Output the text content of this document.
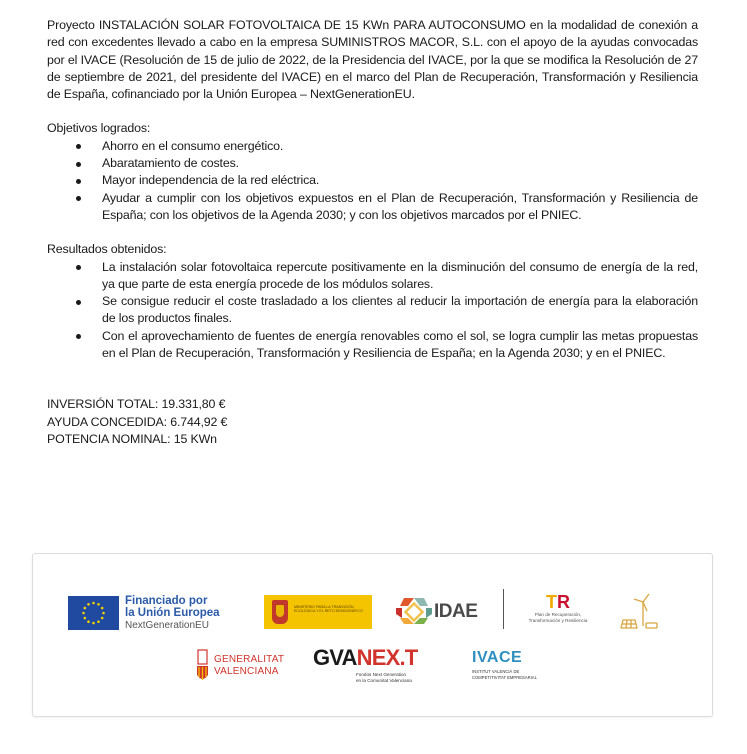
Proyecto INSTALACIÓN SOLAR FOTOVOLTAICA DE 15 KWn PARA AUTOCONSUMO en la modalidad de conexión a red con excedentes llevado a cabo en la empresa SUMINISTROS MACOR, S.L. con el apoyo de la ayudas convocadas por el IVACE (Resolución de 15 de julio de 2022, de la Presidencia del IVACE, por la que se modifica la Resolución de 27 de septiembre de 2021, del presidente del IVACE) en el marco del Plan de Recuperación, Transformación y Resiliencia de España, cofinanciado por la Unión Europea – NextGenerationEU.

Objetivos logrados:

Ahorro en el consumo energético.
Abaratamiento de costes.
Mayor independencia de la red eléctrica.
Ayudar a cumplir con los objetivos expuestos en el Plan de Recuperación, Transformación y Resiliencia de España; con los objetivos de la Agenda 2030; y con los objetivos marcados por el PNIEC.

Resultados obtenidos:

La instalación solar fotovoltaica repercute positivamente en la disminución del consumo de energía de la red, ya que parte de esta energía procede de los módulos solares.
Se consigue reducir el coste trasladado a los clientes al reducir la importación de energía para la elaboración de los productos finales.
Con el aprovechamiento de fuentes de energía renovables como el sol, se logra cumplir las metas propuestas en el Plan de Recuperación, Transformación y Resiliencia de España; en la Agenda 2030; y en el PNIEC.
INVERSIÓN TOTAL: 19.331,80 €
AYUDA CONCEDIDA: 6.744,92 €
POTENCIA NOMINAL: 15 KWn
Financiado por
la Unión Europea
NextGenerationEU
MINISTERIO PARA LA TRANSICIÓN ECOLÓGICA Y EL RETO DEMOGRÁFICO	IDAE	TR
Plan de Recuperación,
Transformación y Resiliencia
GENERALITAT
VALENCIANA
GVANEX.T
Fondos Next Generation
en la Comunitat Valenciana
IVACE
INSTITUT VALENCIÀ DE
COMPETITIVITAT EMPRESARIAL
